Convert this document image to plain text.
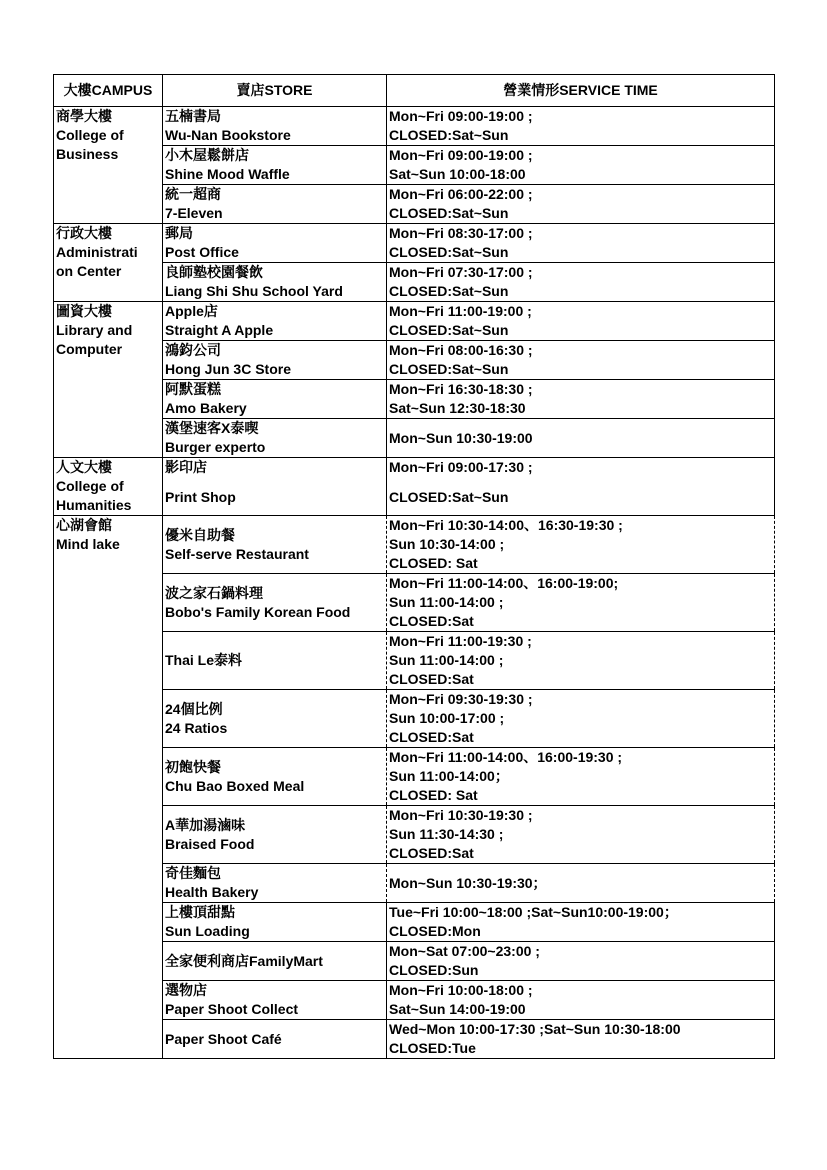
大樓CAMPUS	賣店STORE	營業情形SERVICE TIME

商學大樓
College of
Business	五楠書局
Wu-Nan Bookstore	Mon~Fri 09:00-19:00 ;
CLOSED:Sat~Sun

	小木屋鬆餅店
Shine Mood Waffle	Mon~Fri 09:00-19:00 ;
Sat~Sun 10:00-18:00

	統一超商
7-Eleven	Mon~Fri 06:00-22:00 ;
CLOSED:Sat~Sun

行政大樓
Administrati
on Center	郵局
Post Office	Mon~Fri 08:30-17:00 ;
CLOSED:Sat~Sun

	良師塾校園餐飲
Liang Shi Shu School Yard	Mon~Fri 07:30-17:00 ;
CLOSED:Sat~Sun

圖資大樓
Library and
Computer	Apple店
Straight A Apple	Mon~Fri 11:00-19:00 ;
CLOSED:Sat~Sun

	鴻鈞公司
Hong Jun 3C Store	Mon~Fri 08:00-16:30 ;
CLOSED:Sat~Sun

	阿默蛋糕
Amo Bakery	Mon~Fri 16:30-18:30 ;
Sat~Sun 12:30-18:30

	漢堡速客X泰喫
Burger experto	Mon~Sun 10:30-19:00

人文大樓
College of
Humanities	影印店
Print Shop	Mon~Fri 09:00-17:30 ;
CLOSED:Sat~Sun

心湖會館
Mind lake	優米自助餐
Self-serve Restaurant	Mon~Fri 10:30-14:00、16:30-19:30 ;
Sun 10:30-14:00 ;
CLOSED: Sat

	波之家石鍋料理
Bobo's Family Korean Food	Mon~Fri 11:00-14:00、16:00-19:00;
Sun 11:00-14:00 ;
CLOSED:Sat

	Thai Le泰料	Mon~Fri 11:00-19:30 ;
Sun 11:00-14:00 ;
CLOSED:Sat

	24個比例
24 Ratios	Mon~Fri 09:30-19:30 ;
Sun 10:00-17:00 ;
CLOSED:Sat

	初飽快餐
Chu Bao Boxed Meal	Mon~Fri 11:00-14:00、16:00-19:30 ;
Sun 11:00-14:00；
CLOSED: Sat

	A華加湯滷味
Braised Food	Mon~Fri 10:30-19:30 ;
Sun 11:30-14:30 ;
CLOSED:Sat

	奇佳麵包
Health Bakery	Mon~Sun 10:30-19:30；

	上樓頂甜點
Sun Loading	Tue~Fri 10:00~18:00 ;Sat~Sun10:00-19:00；
CLOSED:Mon

	全家便利商店FamilyMart	Mon~Sat 07:00~23:00 ;
CLOSED:Sun

	選物店
Paper Shoot Collect	Mon~Fri 10:00-18:00 ;
Sat~Sun 14:00-19:00

	Paper Shoot Café	Wed~Mon 10:00-17:30 ;Sat~Sun 10:30-18:00
CLOSED:Tue
